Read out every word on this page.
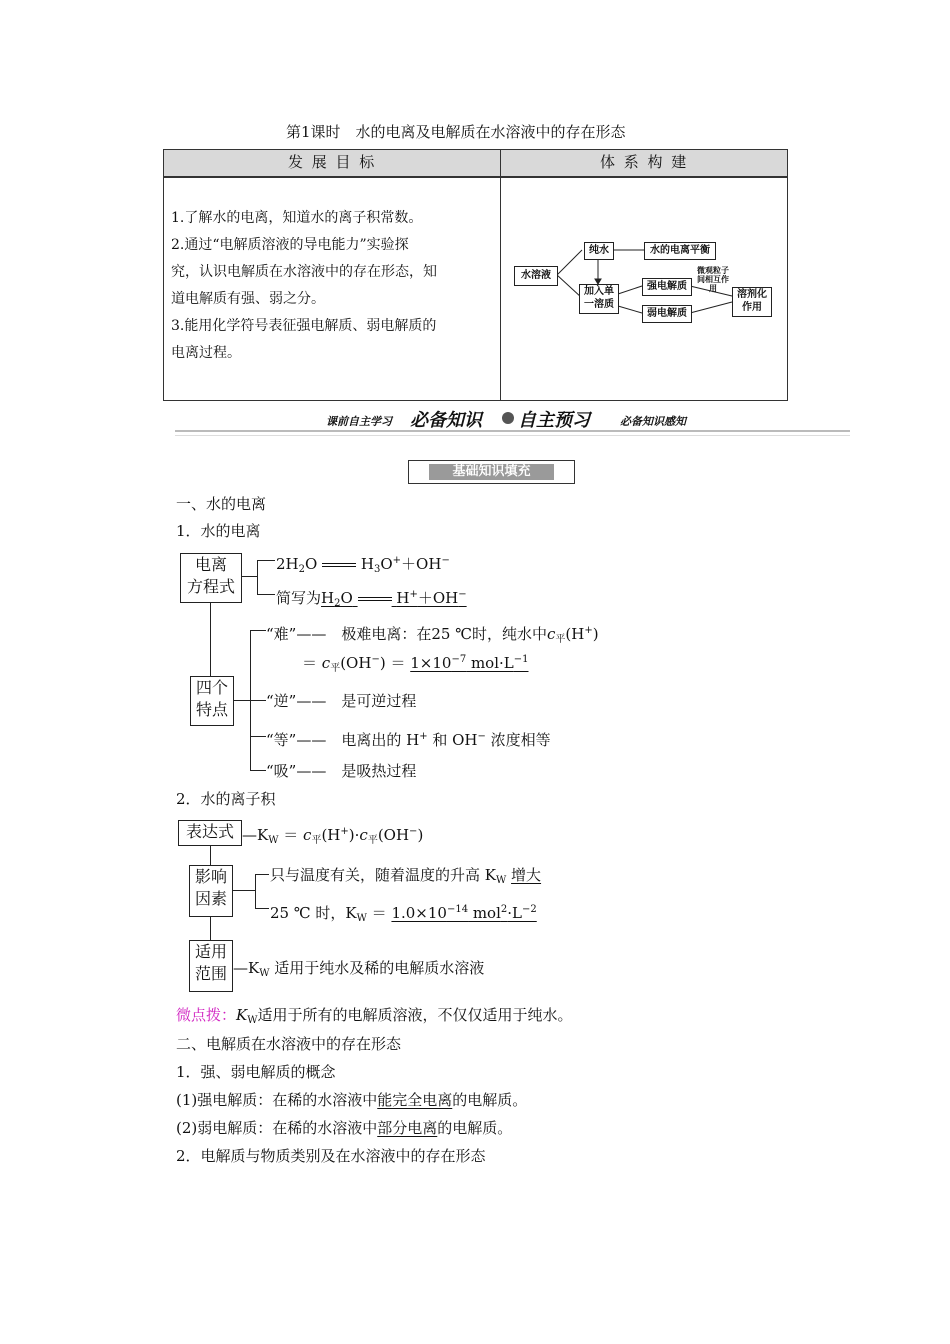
第1课时　水的电离及电解质在水溶液中的存在形态
发 展 目 标	体 系 构 建
1.了解水的电离，知道水的离子积常数。
2.通过“电解质溶液的导电能力”实验探
究，认识电解质在水溶液中的存在形态，知
道电解质有强、弱之分。
3.能用化学符号表征强电解质、弱电解质的
电离过程。
水溶液
纯水	水的电离平衡
加入单
一溶质
强电解质
弱电解质
微观粒子
间相互作
用
溶剂化
作用
课前自主学习 必备知识 自主预习	必备知识感知
基础知识填充
一、水的电离
1．水的电离
电离
方程式
$2H_2O$	$H_3O^++OH^-$
简写为$H_2O$	H+＋OH−
四个
特点
“难”——　极难电离：在25 ℃时，纯水中$c_平(H^+)$
＝ $c_平(OH^-) = 1\times 10^{-7}$ $mol\cdot L^{-1}$
“逆”——　是可逆过程
“等”——　电离出的 H+ 和 OH− 浓度相等
“吸”——　是吸热过程
2．水的离子积
表达式 $—K_W = c_平(H^+)\cdot c_平(OH^-)$
影响
因素
只与温度有关，随着温度的升高 $K_W$ 增大
25 ℃ 时，$K_W = 1.0\times 10^{-14}$ $mol^2\cdot L^{-2}$
适用
范围 $—K_W$ 适用于纯水及稀的电解质水溶液
微点拨：$K_W$适用于所有的电解质溶液，不仅仅适用于纯水。
二、电解质在水溶液中的存在形态
1．强、弱电解质的概念
(1)强电解质：在稀的水溶液中能完全电离的电解质。
(2)弱电解质：在稀的水溶液中部分电离的电解质。
2．电解质与物质类别及在水溶液中的存在形态
